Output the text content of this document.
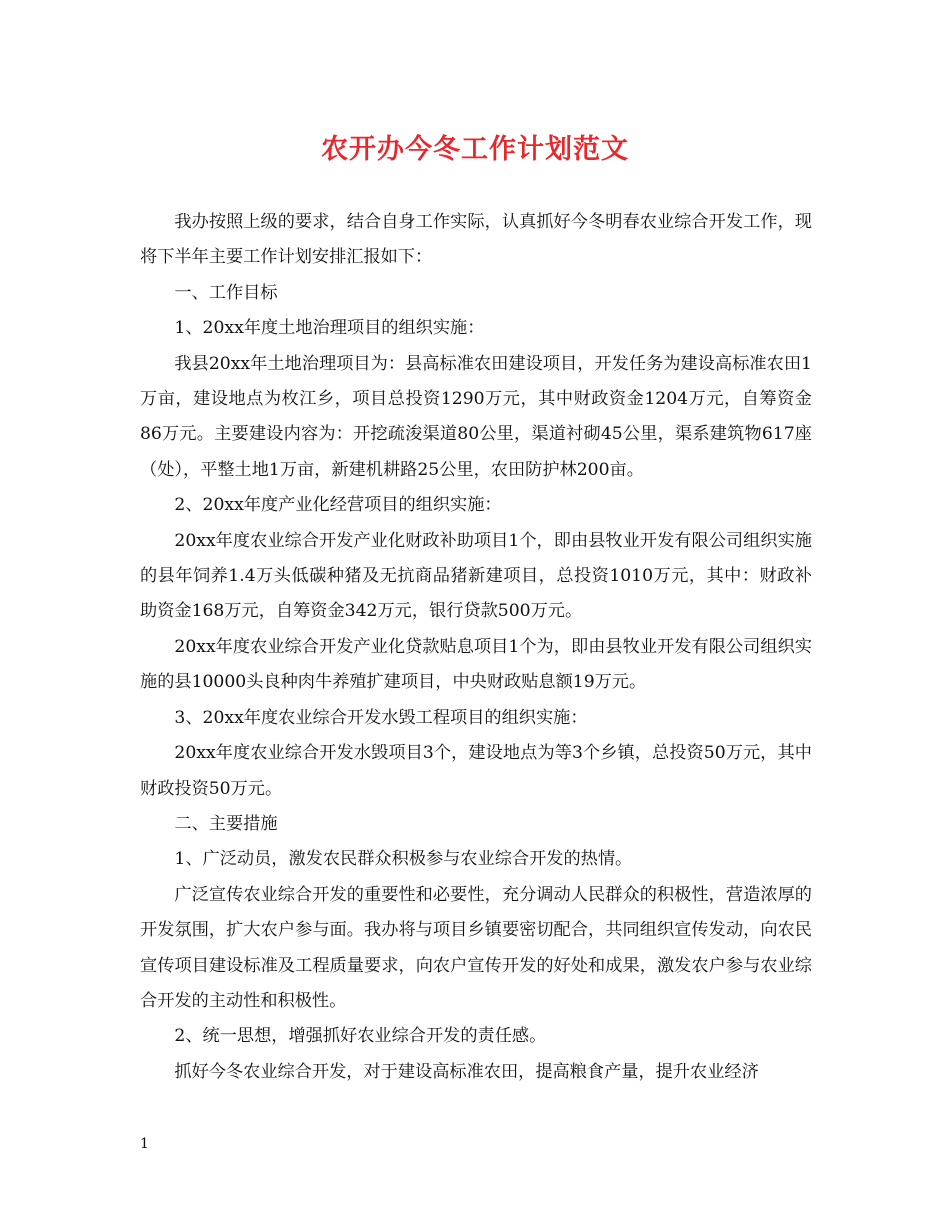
农开办今冬工作计划范文

我办按照上级的要求，结合自身工作实际，认真抓好今冬明春农业综合开发工作，现将下半年主要工作计划安排汇报如下：

一、工作目标

1、20xx年度土地治理项目的组织实施：

我县20xx年土地治理项目为：县高标准农田建设项目，开发任务为建设高标准农田1万亩，建设地点为枚江乡，项目总投资1290万元，其中财政资金1204万元，自筹资金86万元。主要建设内容为：开挖疏浚渠道80公里，渠道衬砌45公里，渠系建筑物617座（处），平整土地1万亩，新建机耕路25公里，农田防护林200亩。

2、20xx年度产业化经营项目的组织实施：

20xx年度农业综合开发产业化财政补助项目1个，即由县牧业开发有限公司组织实施的县年饲养1.4万头低碳种猪及无抗商品猪新建项目，总投资1010万元，其中：财政补助资金168万元，自筹资金342万元，银行贷款500万元。

20xx年度农业综合开发产业化贷款贴息项目1个为，即由县牧业开发有限公司组织实施的县10000头良种肉牛养殖扩建项目，中央财政贴息额19万元。

3、20xx年度农业综合开发水毁工程项目的组织实施：

20xx年度农业综合开发水毁项目3个，建设地点为等3个乡镇，总投资50万元，其中财政投资50万元。

二、主要措施

1、广泛动员，激发农民群众积极参与农业综合开发的热情。

广泛宣传农业综合开发的重要性和必要性，充分调动人民群众的积极性，营造浓厚的开发氛围，扩大农户参与面。我办将与项目乡镇要密切配合，共同组织宣传发动，向农民宣传项目建设标准及工程质量要求，向农户宣传开发的好处和成果，激发农户参与农业综合开发的主动性和积极性。

2、统一思想，增强抓好农业综合开发的责任感。

抓好今冬农业综合开发，对于建设高标准农田，提高粮食产量，提升农业经济

1
